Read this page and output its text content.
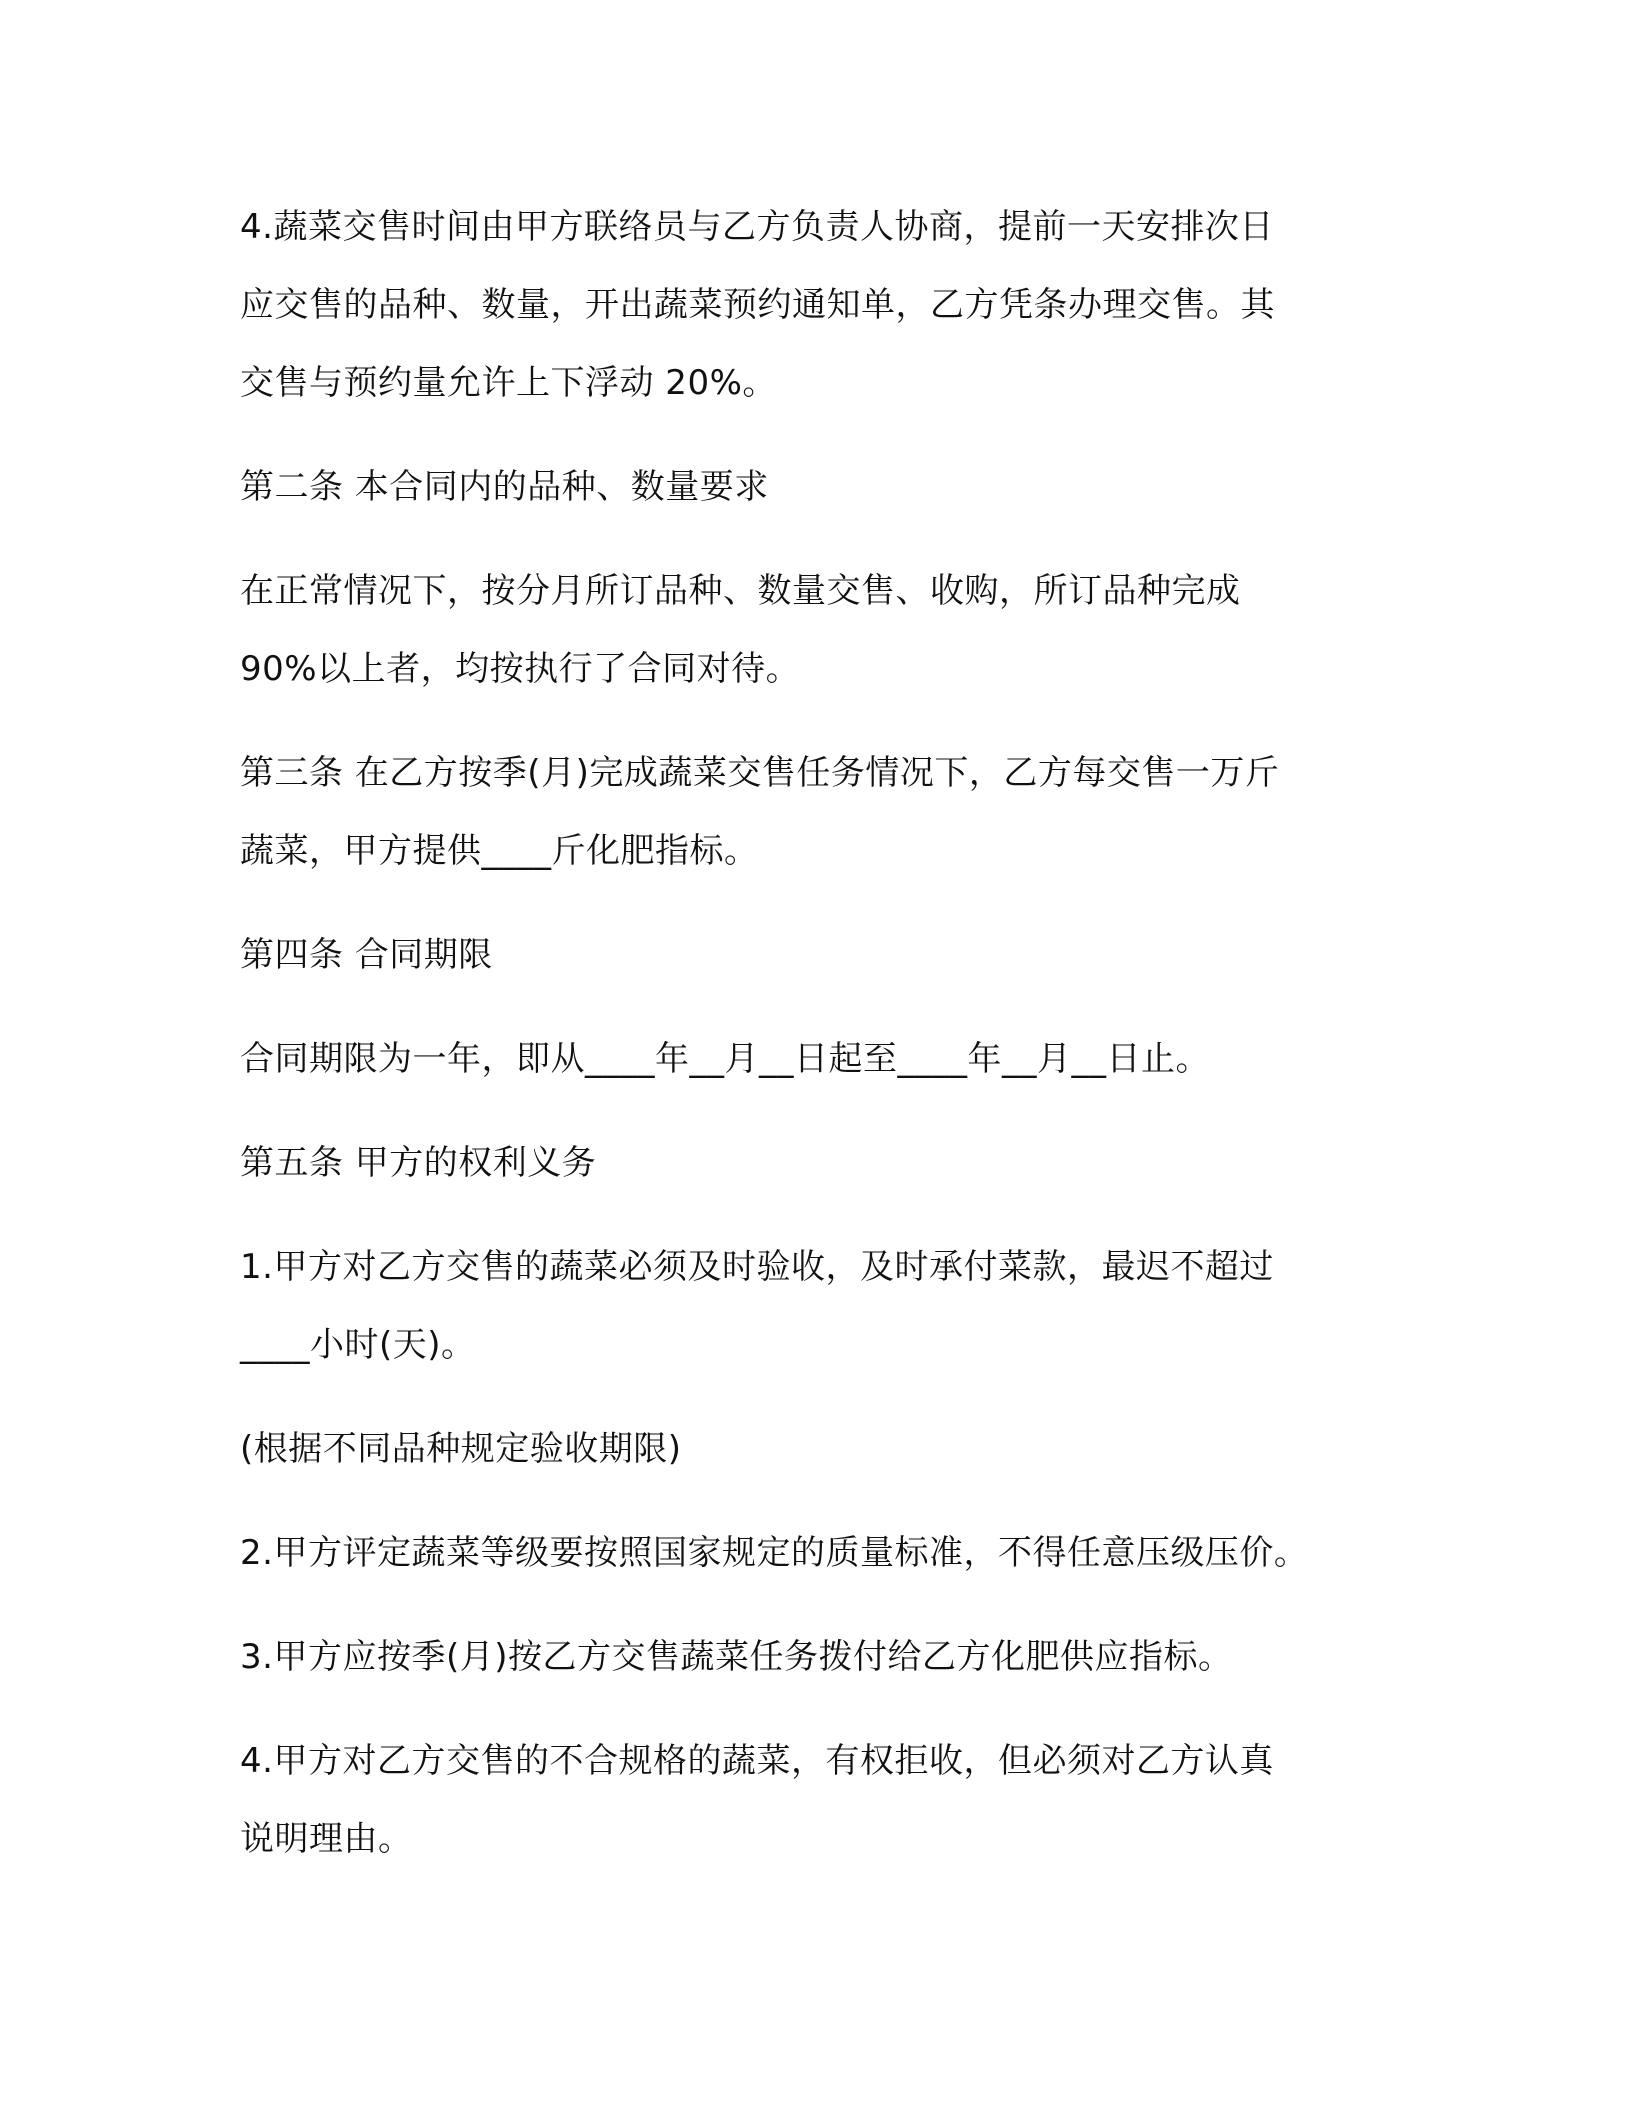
4.蔬菜交售时间由甲方联络员与乙方负责人协商，提前一天安排次日
应交售的品种、数量，开出蔬菜预约通知单，乙方凭条办理交售。其
交售与预约量允许上下浮动 20%。

第二条 本合同内的品种、数量要求

在正常情况下，按分月所订品种、数量交售、收购，所订品种完成
90%以上者，均按执行了合同对待。

第三条 在乙方按季(月)完成蔬菜交售任务情况下，乙方每交售一万斤
蔬菜，甲方提供____斤化肥指标。

第四条 合同期限

合同期限为一年，即从____年__月__日起至____年__月__日止。

第五条 甲方的权利义务

1.甲方对乙方交售的蔬菜必须及时验收，及时承付菜款，最迟不超过
____小时(天)。

(根据不同品种规定验收期限)

2.甲方评定蔬菜等级要按照国家规定的质量标准，不得任意压级压价。

3.甲方应按季(月)按乙方交售蔬菜任务拨付给乙方化肥供应指标。

4.甲方对乙方交售的不合规格的蔬菜，有权拒收，但必须对乙方认真
说明理由。
